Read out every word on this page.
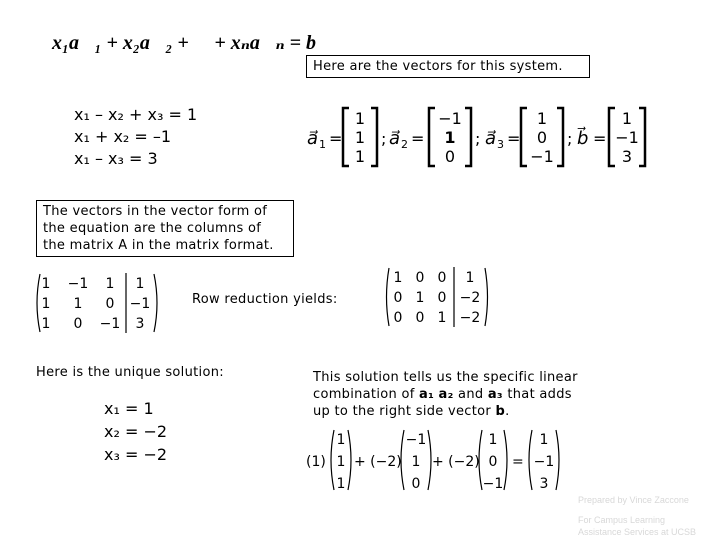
x₁a⃗₁ + x₂a⃗₂ + ⋯ + xₙa⃗ₙ = b⃗
Here are the vectors for this system.
x₁ – x₂ + x₃ = 1
x₁ + x₂ = –1
x₁ – x₃ = 3
a⃗ 1 =
1
1
1
; a⃗ 2 =
−1
1
0
; a⃗ 3 =
1
0
−1
; b⃗ =
1
−1
3
The vectors in the vector form of the equation are the columns of the matrix A in the matrix format.
1 −1 1
1 1 0
1 0 −1
1
−1
3
Row reduction yields:
1 0 0
0 1 0
0 0 1
1
−2
−2
Here is the unique solution:
x₁ = 1
x₂ = −2
x₃ = −2
This solution tells us the specific linear
combination of a₁ a₂ and a₃ that adds
up to the right side vector b.
(1)
1
1
1
+ (−2)
−1
1
0
+ (−2)
1
0
−1
=
1
−1
3
Prepared by Vince Zaccone
For Campus Learning
Assistance Services at UCSB
